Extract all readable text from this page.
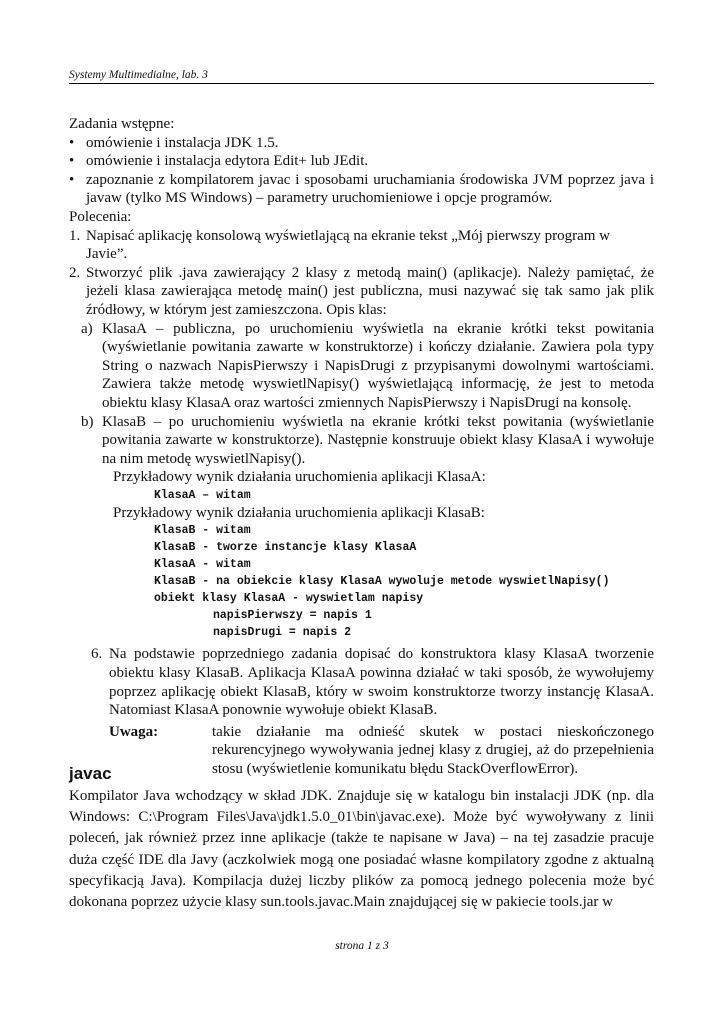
Systemy Multimedialne, lab. 3

Zadania wstępne:

• omówienie i instalacja JDK 1.5.

• omówienie i instalacja edytora Edit+ lub JEdit.

• zapoznanie z kompilatorem javac i sposobami uruchamiania środowiska JVM poprzez java i javaw (tylko MS Windows) – parametry uruchomieniowe i opcje programów.

Polecenia:

1. Napisać aplikację konsolową wyświetlającą na ekranie tekst „Mój pierwszy program w Javie”.

2. Stworzyć plik .java zawierający 2 klasy z metodą main() (aplikacje). Należy pamiętać, że jeżeli klasa zawierająca metodę main() jest publiczna, musi nazywać się tak samo jak plik źródłowy, w którym jest zamieszczona. Opis klas:

a) KlasaA – publiczna, po uruchomieniu wyświetla na ekranie krótki tekst powitania (wyświetlanie powitania zawarte w konstruktorze) i kończy działanie. Zawiera pola typy String o nazwach NapisPierwszy i NapisDrugi z przypisanymi dowolnymi wartościami. Zawiera także metodę wyswietlNapisy() wyświetlającą informację, że jest to metoda obiektu klasy KlasaA oraz wartości zmiennych NapisPierwszy i NapisDrugi na konsolę.

b) KlasaB – po uruchomieniu wyświetla na ekranie krótki tekst powitania (wyświetlanie powitania zawarte w konstruktorze). Następnie konstruuje obiekt klasy KlasaA i wywołuje na nim metodę wyswietlNapisy().

Przykładowy wynik działania uruchomienia aplikacji KlasaA:

KlasaA – witam

Przykładowy wynik działania uruchomienia aplikacji KlasaB:

KlasaB - witam

KlasaB - tworze instancje klasy KlasaA

KlasaA - witam

KlasaB - na obiekcie klasy KlasaA wywoluje metode wyswietlNapisy()

obiekt klasy KlasaA - wyswietlam napisy

napisPierwszy = napis 1

napisDrugi = napis 2

6. Na podstawie poprzedniego zadania dopisać do konstruktora klasy KlasaA tworzenie obiektu klasy KlasaB. Aplikacja KlasaA powinna działać w taki sposób, że wywołujemy poprzez aplikację obiekt KlasaB, który w swoim konstruktorze tworzy instancję KlasaA. Natomiast KlasaA ponownie wywołuje obiekt KlasaB.

Uwaga:	takie działanie ma odnieść skutek w postaci nieskończonego rekurencyjnego wywoływania jednej klasy z drugiej, aż do przepełnienia stosu (wyświetlenie komunikatu błędu StackOverflowError).

javac

Kompilator Java wchodzący w skład JDK. Znajduje się w katalogu bin instalacji JDK (np. dla Windows: C:\Program Files\Java\jdk1.5.0_01\bin\javac.exe). Może być wywoływany z linii poleceń, jak również przez inne aplikacje (także te napisane w Java) – na tej zasadzie pracuje duża część IDE dla Javy (aczkolwiek mogą one posiadać własne kompilatory zgodne z aktualną specyfikacją Java). Kompilacja dużej liczby plików za pomocą jednego polecenia może być dokonana poprzez użycie klasy sun.tools.javac.Main znajdującej się w pakiecie tools.jar w

strona 1 z 3
